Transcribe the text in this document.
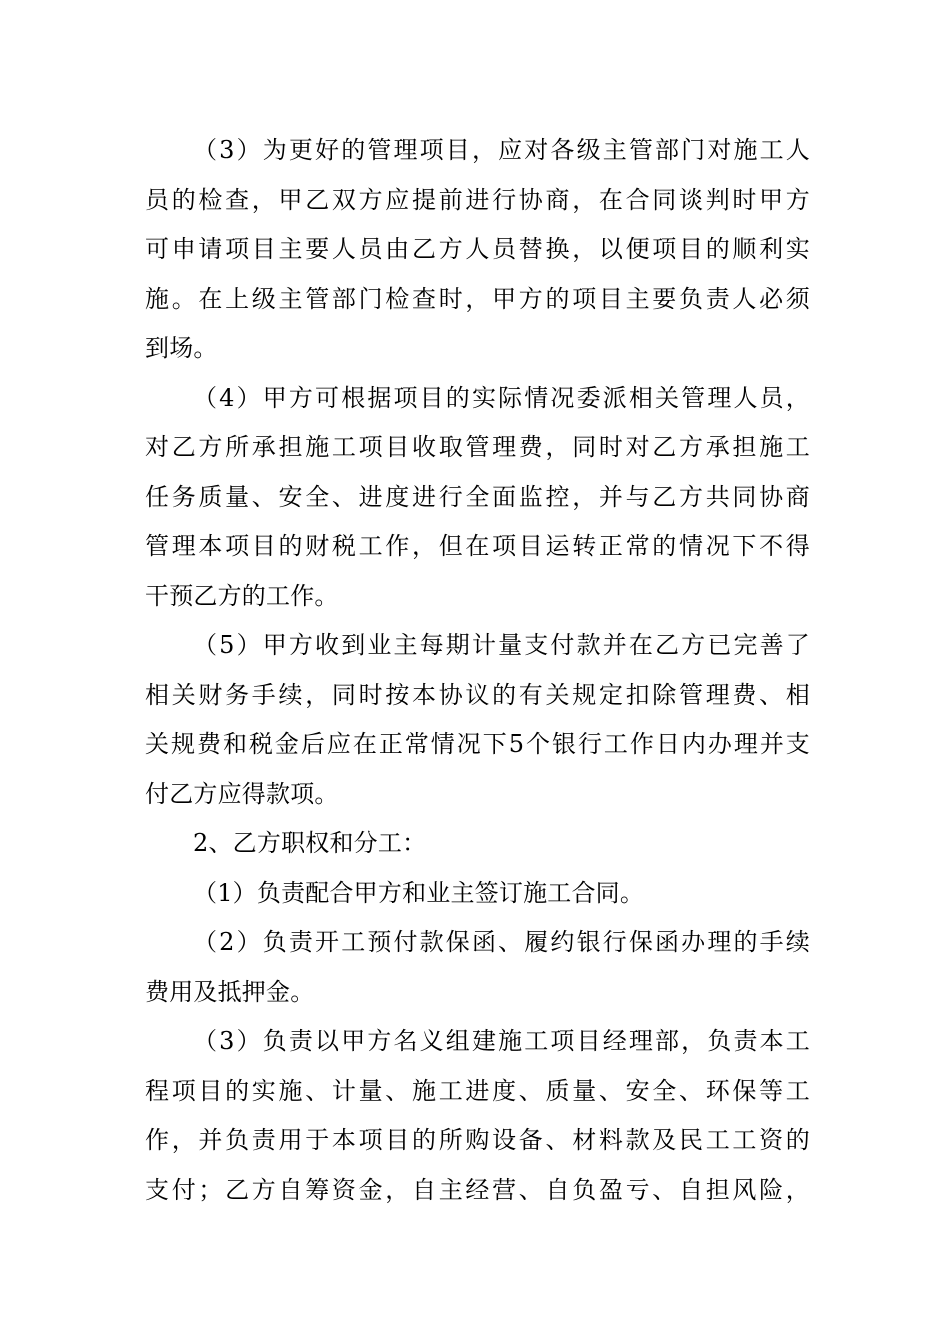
（3）为更好的管理项目，应对各级主管部门对施工人
员的检查，甲乙双方应提前进行协商，在合同谈判时甲方
可申请项目主要人员由乙方人员替换，以便项目的顺利实
施。在上级主管部门检查时，甲方的项目主要负责人必须
到场。
（4）甲方可根据项目的实际情况委派相关管理人员，
对乙方所承担施工项目收取管理费，同时对乙方承担施工
任务质量、安全、进度进行全面监控，并与乙方共同协商
管理本项目的财税工作，但在项目运转正常的情况下不得
干预乙方的工作。
（5）甲方收到业主每期计量支付款并在乙方已完善了
相关财务手续，同时按本协议的有关规定扣除管理费、相
关规费和税金后应在正常情况下5个银行工作日内办理并支
付乙方应得款项。
2、乙方职权和分工：
（1）负责配合甲方和业主签订施工合同。
（2）负责开工预付款保函、履约银行保函办理的手续
费用及抵押金。
（3）负责以甲方名义组建施工项目经理部，负责本工
程项目的实施、计量、施工进度、质量、安全、环保等工
作，并负责用于本项目的所购设备、材料款及民工工资的
支付；乙方自筹资金，自主经营、自负盈亏、自担风险，
